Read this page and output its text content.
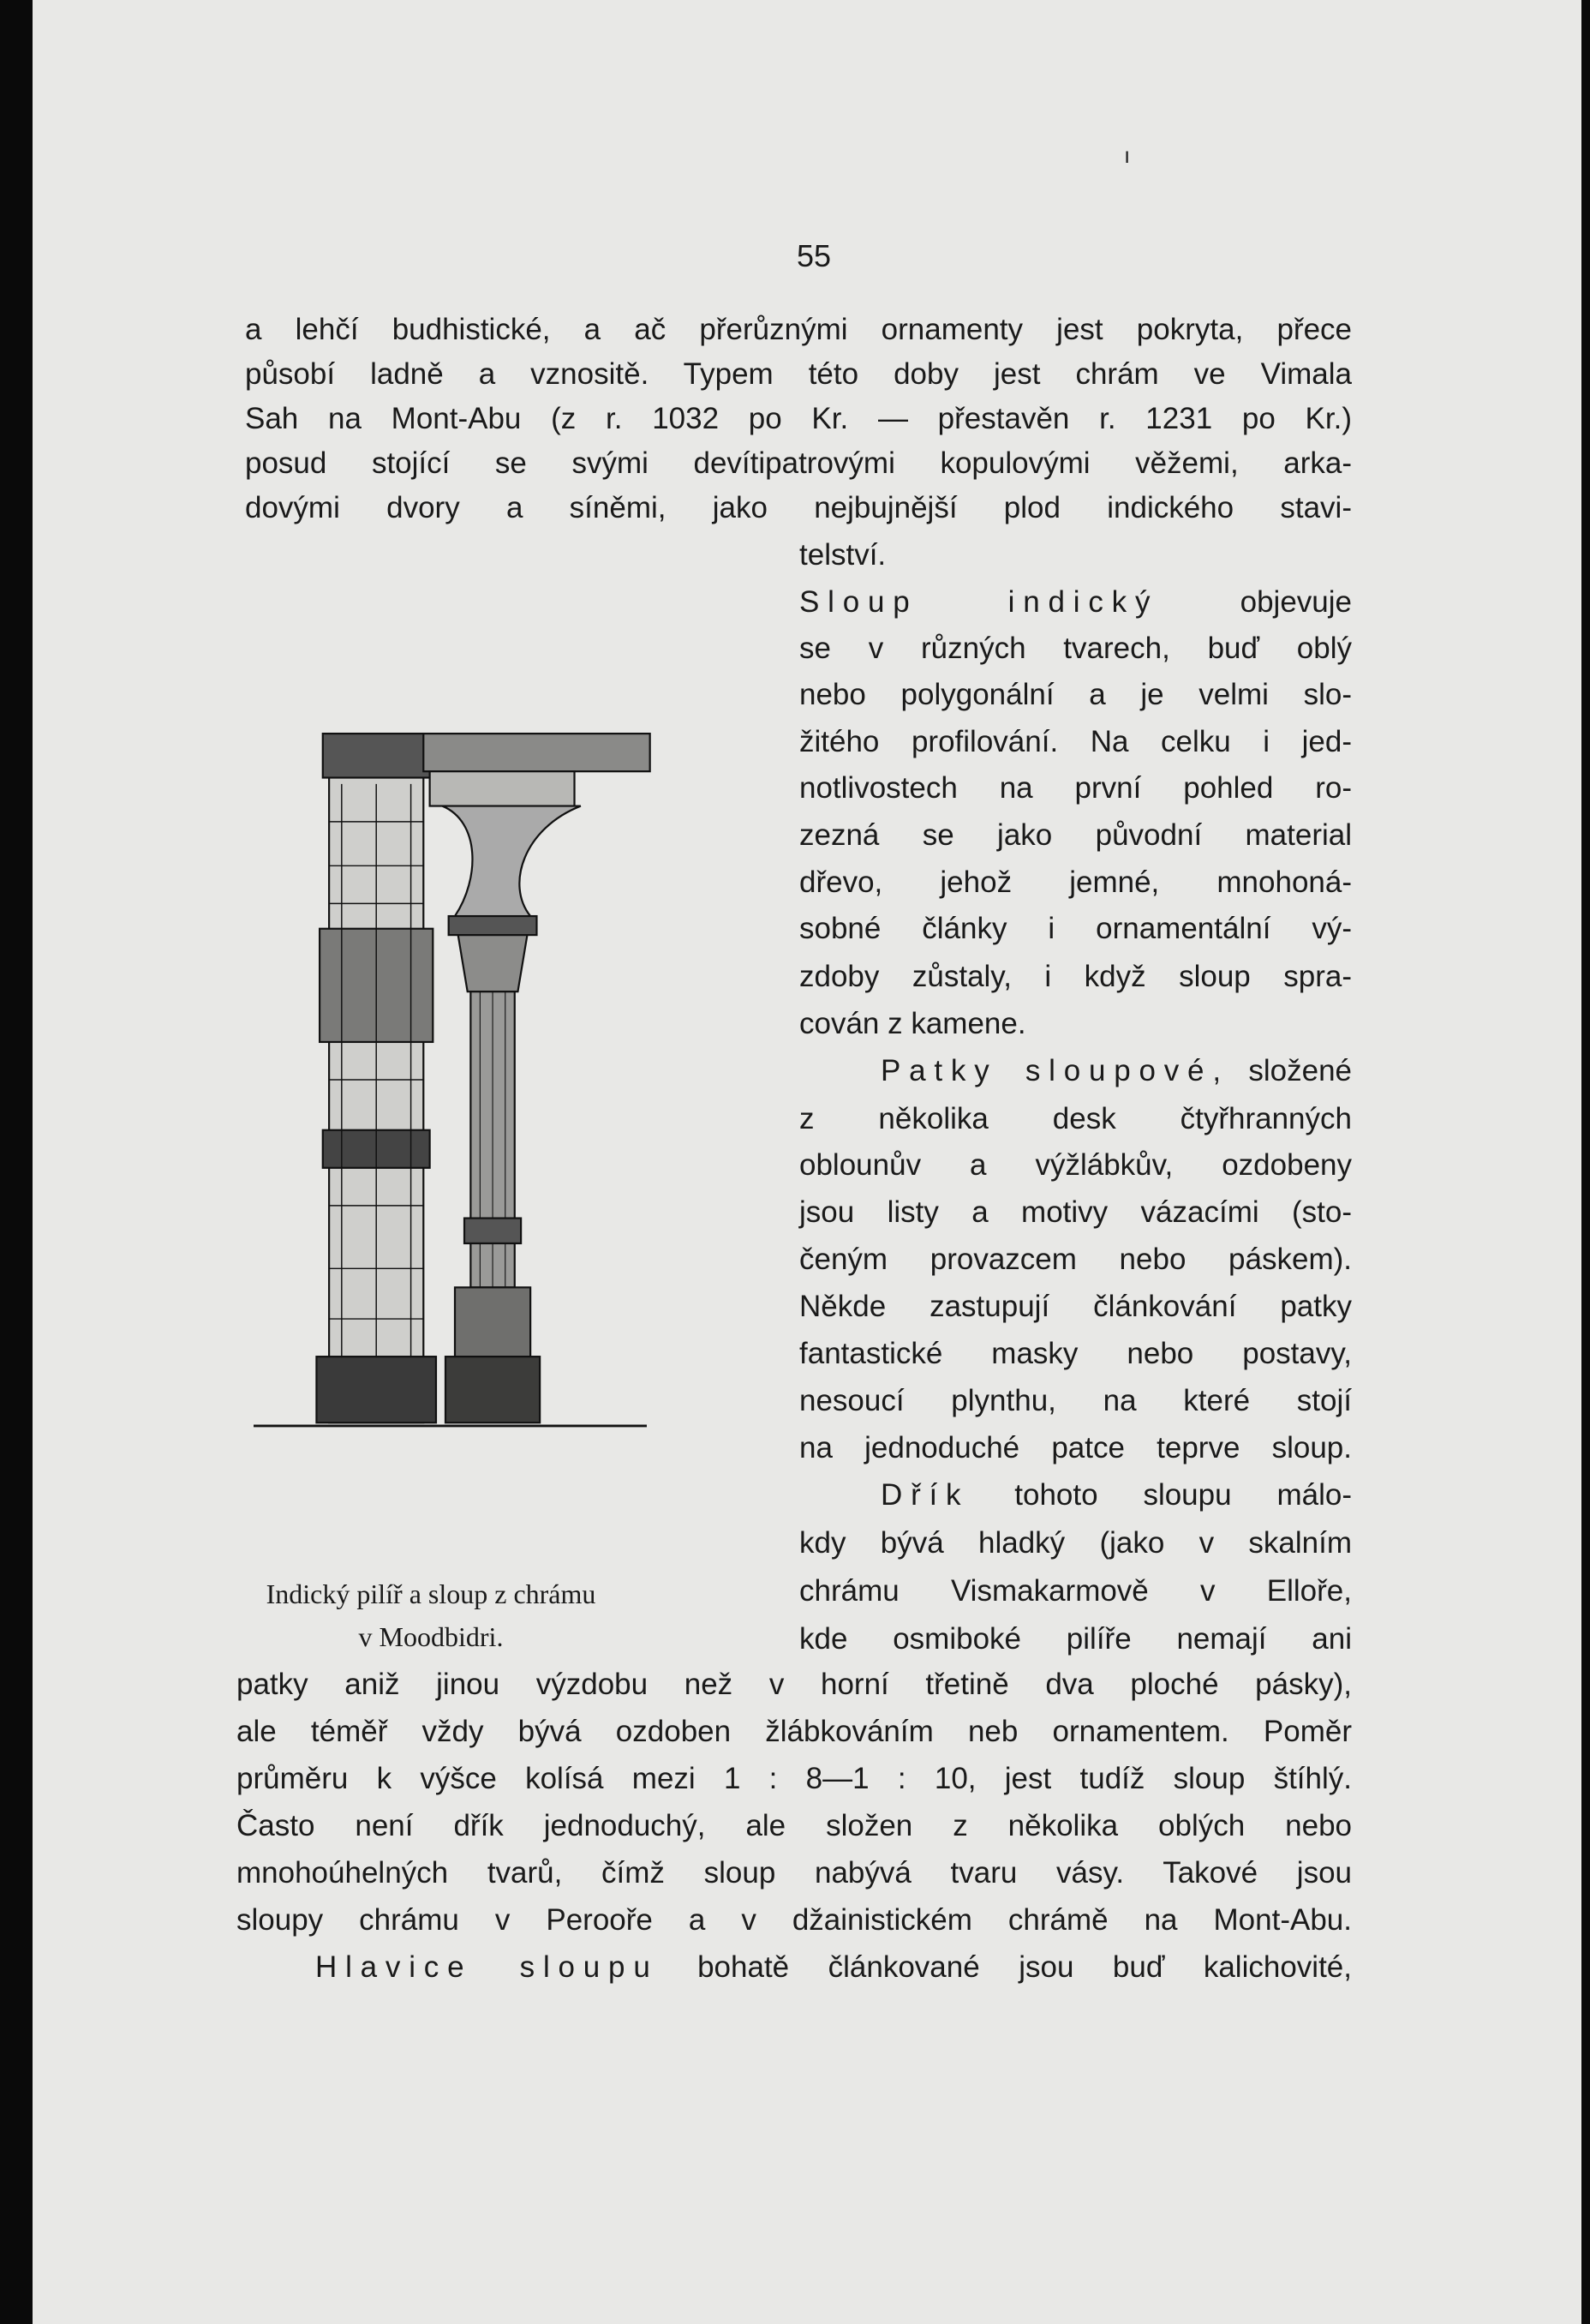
ı
55
a lehčí budhistické, a ač přerůznými ornamenty jest pokryta, přece
působí ladně a vznositě. Typem této doby jest chrám ve Vimala
Sah na Mont-Abu (z r. 1032 po Kr. — přestavěn r. 1231 po Kr.)
posud stojící se svými devítipatrovými kopulovými věžemi, arka-
dovými dvory a síněmi, jako nejbujnější plod indického stavi-
telství.
Sloup indický	objevuje
se v různých tvarech, buď oblý
nebo polygonální a je velmi slo-
žitého profilování. Na celku i jed-
notlivostech na první pohled ro-
zezná se jako původní material
dřevo, jehož jemné, mnohoná-
sobné články i ornamentální vý-
zdoby zůstaly, i když sloup spra-
cován z kamene.
Patky sloupové, složené
z několika desk čtyřhranných
oblounův a výžlábkův, ozdobeny
jsou listy a motivy vázacími (sto-
čeným provazcem nebo páskem).
Někde zastupují článkování patky
fantastické masky nebo postavy,
nesoucí plynthu, na které stojí
na jednoduché patce teprve sloup.
Dřík tohoto sloupu málo-
kdy bývá hladký (jako v skalním
chrámu Vismakarmově v Elloře,
kde osmiboké pilíře nemají ani
patky aniž jinou výzdobu než v horní třetině dva ploché pásky),
ale téměř vždy bývá ozdoben žlábkováním neb ornamentem. Poměr
průměru k výšce kolísá mezi 1 : 8—1 : 10, jest tudíž sloup štíhlý.
Často není dřík jednoduchý, ale složen z několika oblých nebo
mnohoúhelných tvarů, čímž sloup nabývá tvaru vásy. Takové jsou
sloupy chrámu v Perooře a v džainistickém chrámě na Mont-Abu.
Hlavice sloupu bohatě článkované jsou buď kalichovité,
Indický pilíř a sloup z chrámu
v Moodbidri.
